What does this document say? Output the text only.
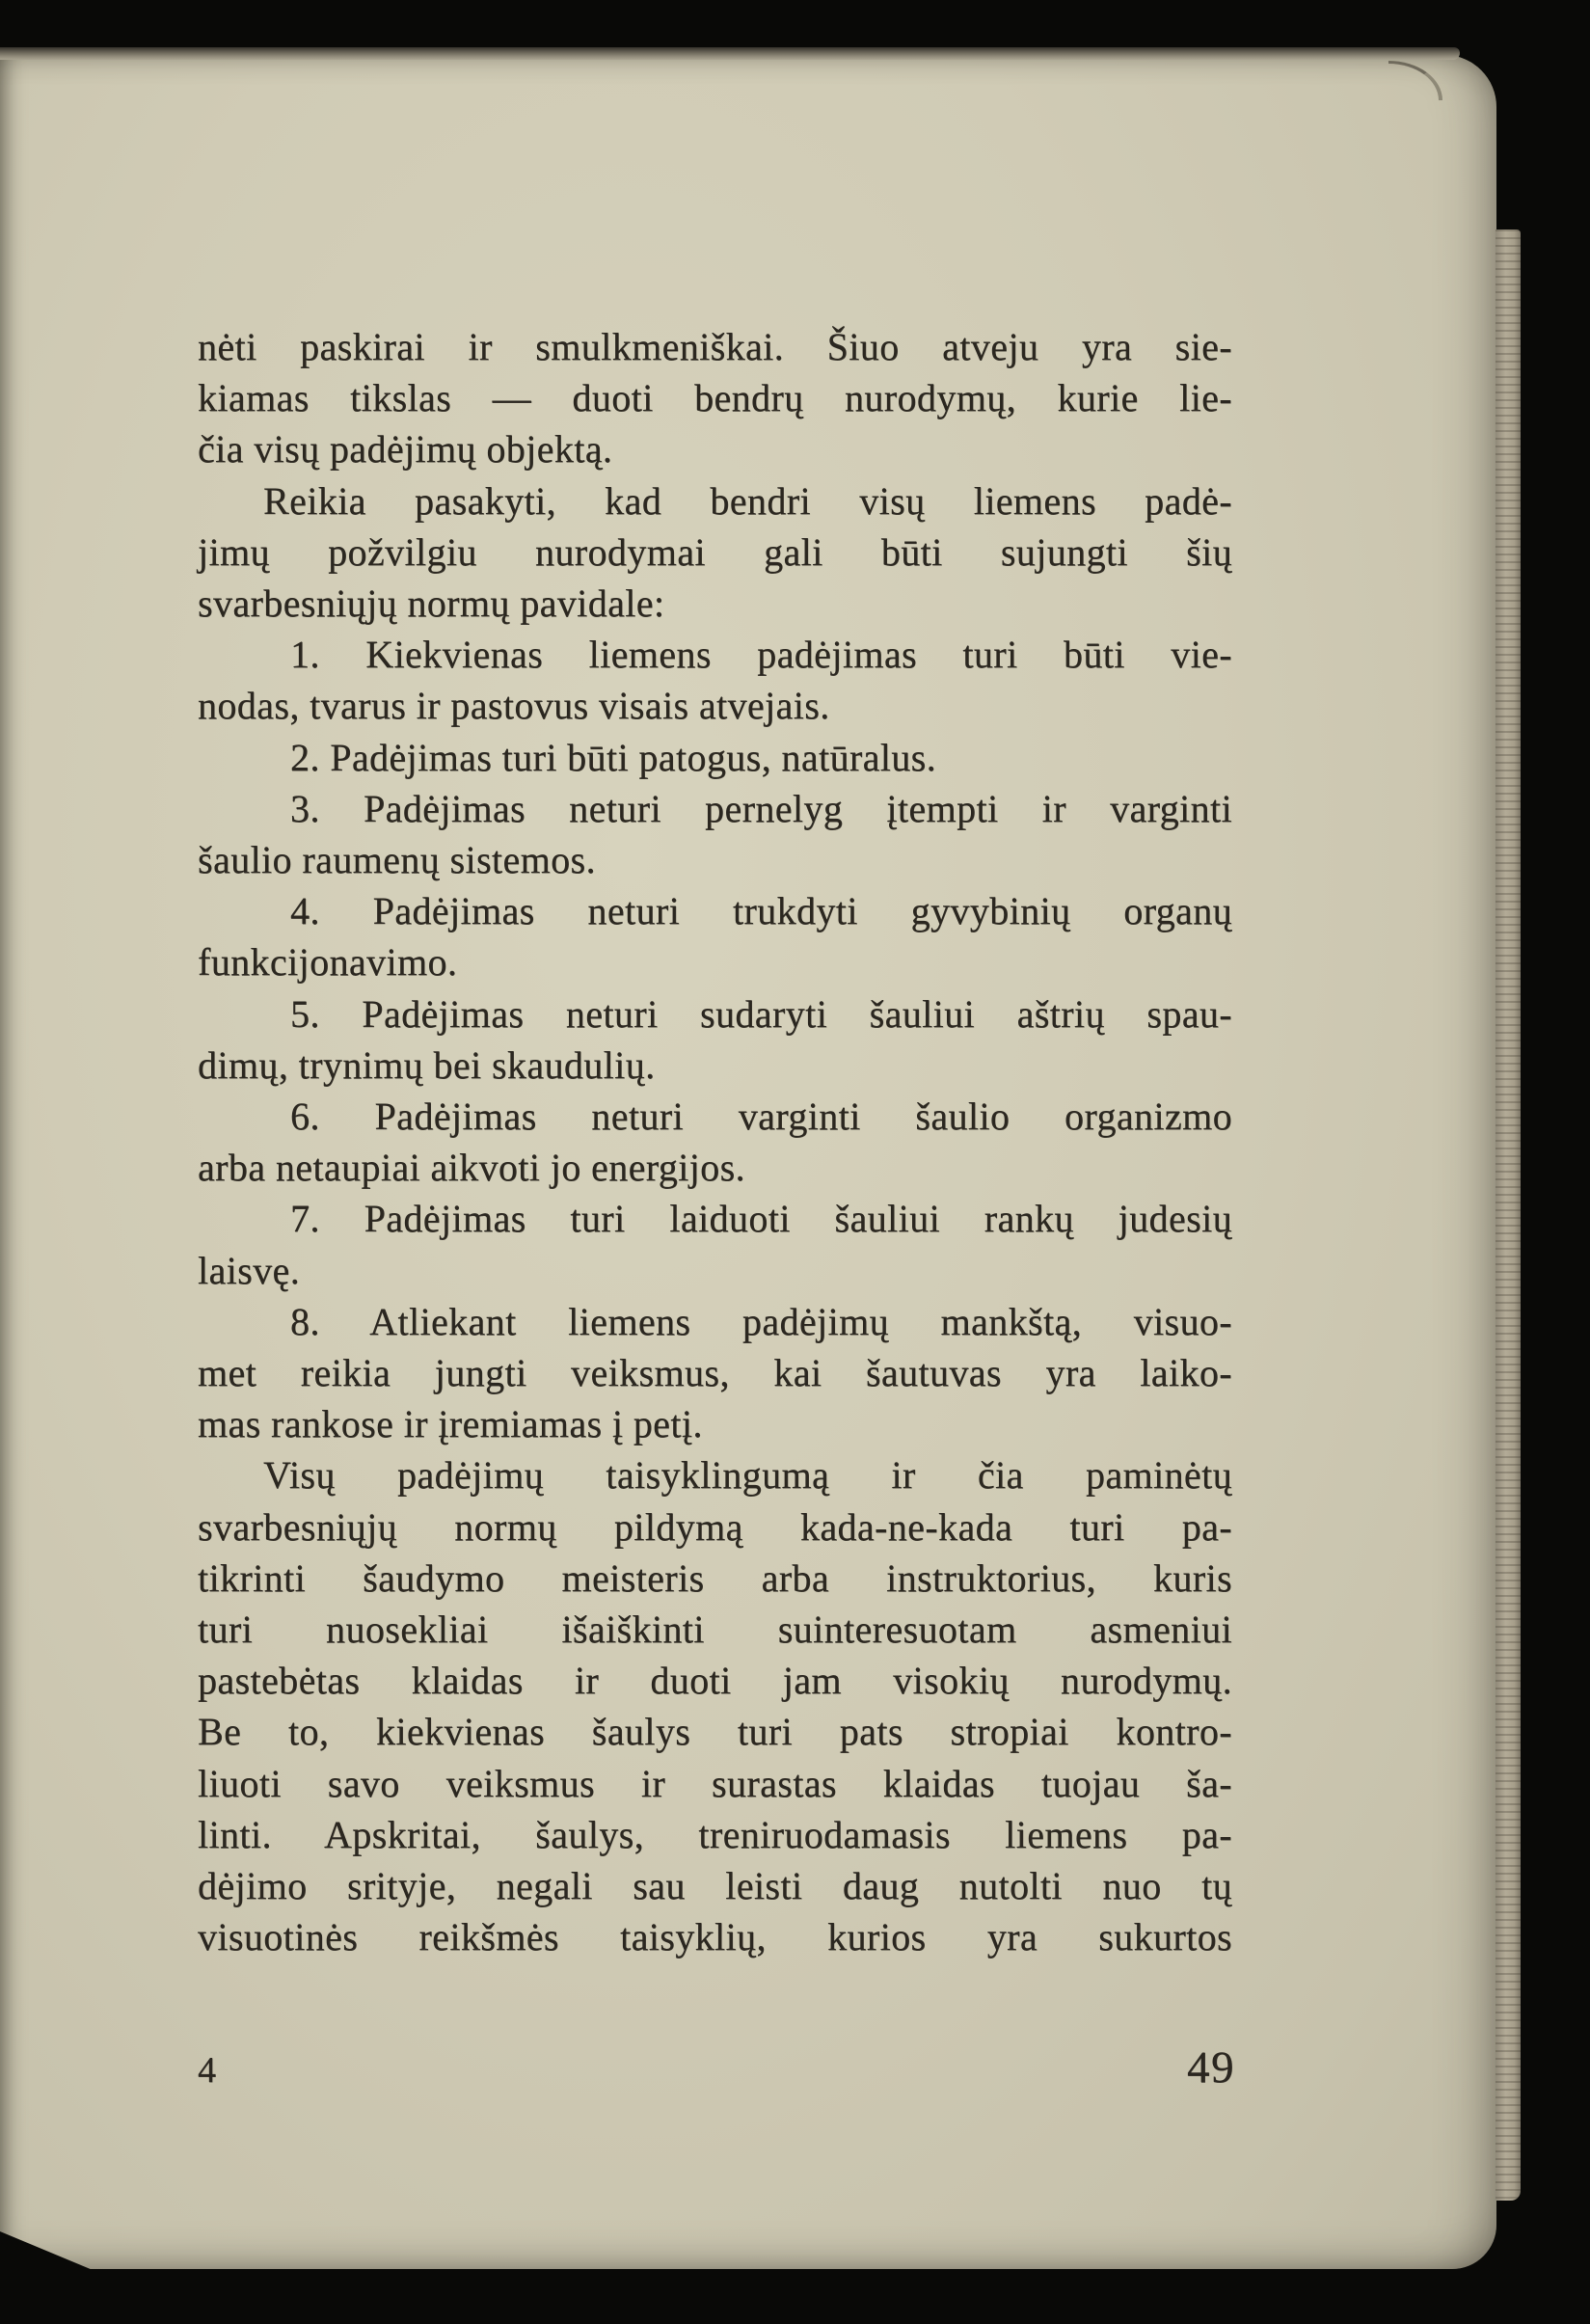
nėti paskirai ir smulkmeniškai. Šiuo atveju yra sie-
kiamas tikslas — duoti bendrų nurodymų, kurie lie-
čia visų padėjimų objektą.
Reikia pasakyti, kad bendri visų liemens padė-
jimų požvilgiu nurodymai gali būti sujungti šių
svarbesniųjų normų pavidale:
1. Kiekvienas liemens padėjimas turi būti vie-
nodas, tvarus ir pastovus visais atvejais.
2. Padėjimas turi būti patogus, natūralus.
3. Padėjimas neturi pernelyg įtempti ir varginti
šaulio raumenų sistemos.
4. Padėjimas neturi trukdyti gyvybinių organų
funkcijonavimo.
5. Padėjimas neturi sudaryti šauliui aštrių spau-
dimų, trynimų bei skaudulių.
6. Padėjimas neturi varginti šaulio organizmo
arba netaupiai aikvoti jo energijos.
7. Padėjimas turi laiduoti šauliui rankų judesių
laisvę.
8. Atliekant liemens padėjimų mankštą, visuo-
met reikia jungti veiksmus, kai šautuvas yra laiko-
mas rankose ir įremiamas į petį.
Visų padėjimų taisyklingumą ir čia paminėtų
svarbesniųjų normų pildymą kada-ne-kada turi pa-
tikrinti šaudymo meisteris arba instruktorius, kuris
turi nuosekliai išaiškinti suinteresuotam asmeniui
pastebėtas klaidas ir duoti jam visokių nurodymų.
Be to, kiekvienas šaulys turi pats stropiai kontro-
liuoti savo veiksmus ir surastas klaidas tuojau ša-
linti. Apskritai, šaulys, treniruodamasis liemens pa-
dėjimo srityje, negali sau leisti daug nutolti nuo tų
visuotinės reikšmės taisyklių, kurios yra sukurtos
4	49
